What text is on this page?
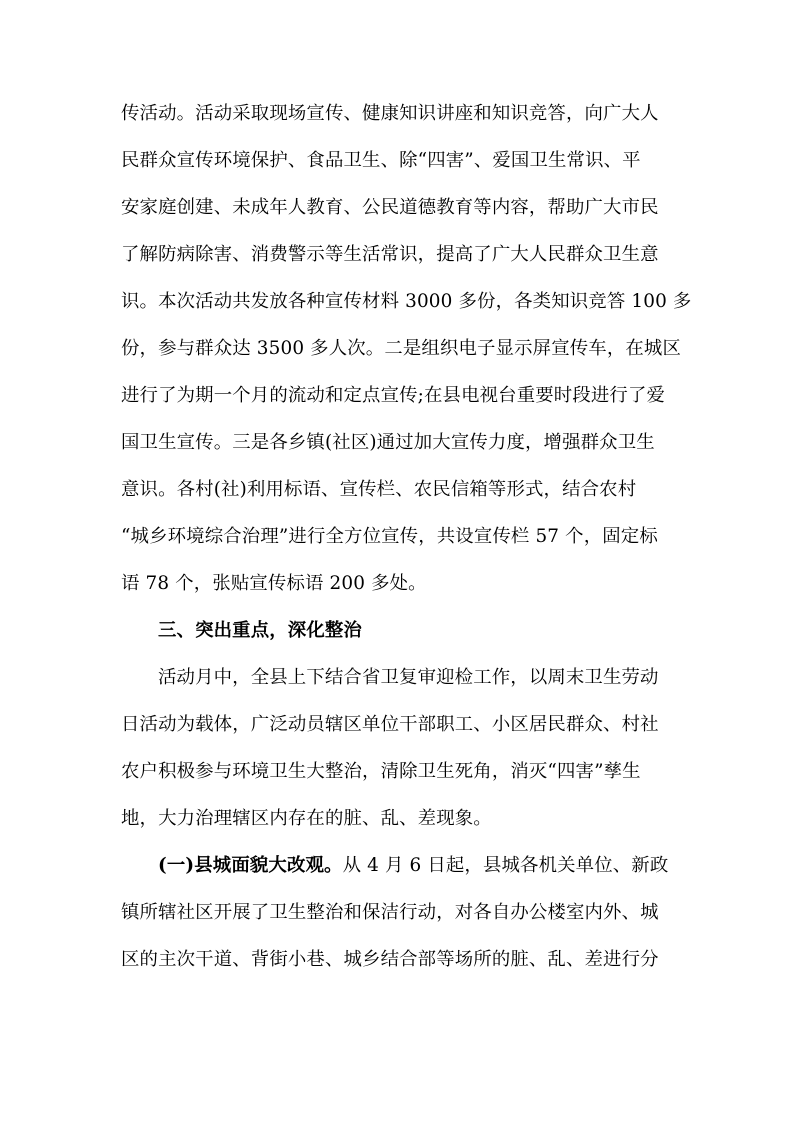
传活动。活动采取现场宣传、健康知识讲座和知识竞答，向广大人
民群众宣传环境保护、食品卫生、除“四害”、爱国卫生常识、平
安家庭创建、未成年人教育、公民道德教育等内容，帮助广大市民
了解防病除害、消费警示等生活常识，提高了广大人民群众卫生意
识。本次活动共发放各种宣传材料 3000 多份，各类知识竞答 100 多
份，参与群众达 3500 多人次。二是组织电子显示屏宣传车，在城区
进行了为期一个月的流动和定点宣传;在县电视台重要时段进行了爱
国卫生宣传。三是各乡镇(社区)通过加大宣传力度，增强群众卫生
意识。各村(社)利用标语、宣传栏、农民信箱等形式，结合农村
“城乡环境综合治理”进行全方位宣传，共设宣传栏 57 个，固定标
语 78 个，张贴宣传标语 200 多处。
三、突出重点，深化整治
活动月中，全县上下结合省卫复审迎检工作，以周末卫生劳动
日活动为载体，广泛动员辖区单位干部职工、小区居民群众、村社
农户积极参与环境卫生大整治，清除卫生死角，消灭“四害”孳生
地，大力治理辖区内存在的脏、乱、差现象。
(一)县城面貌大改观。从 4 月 6 日起，县城各机关单位、新政
镇所辖社区开展了卫生整治和保洁行动，对各自办公楼室内外、城
区的主次干道、背街小巷、城乡结合部等场所的脏、乱、差进行分
